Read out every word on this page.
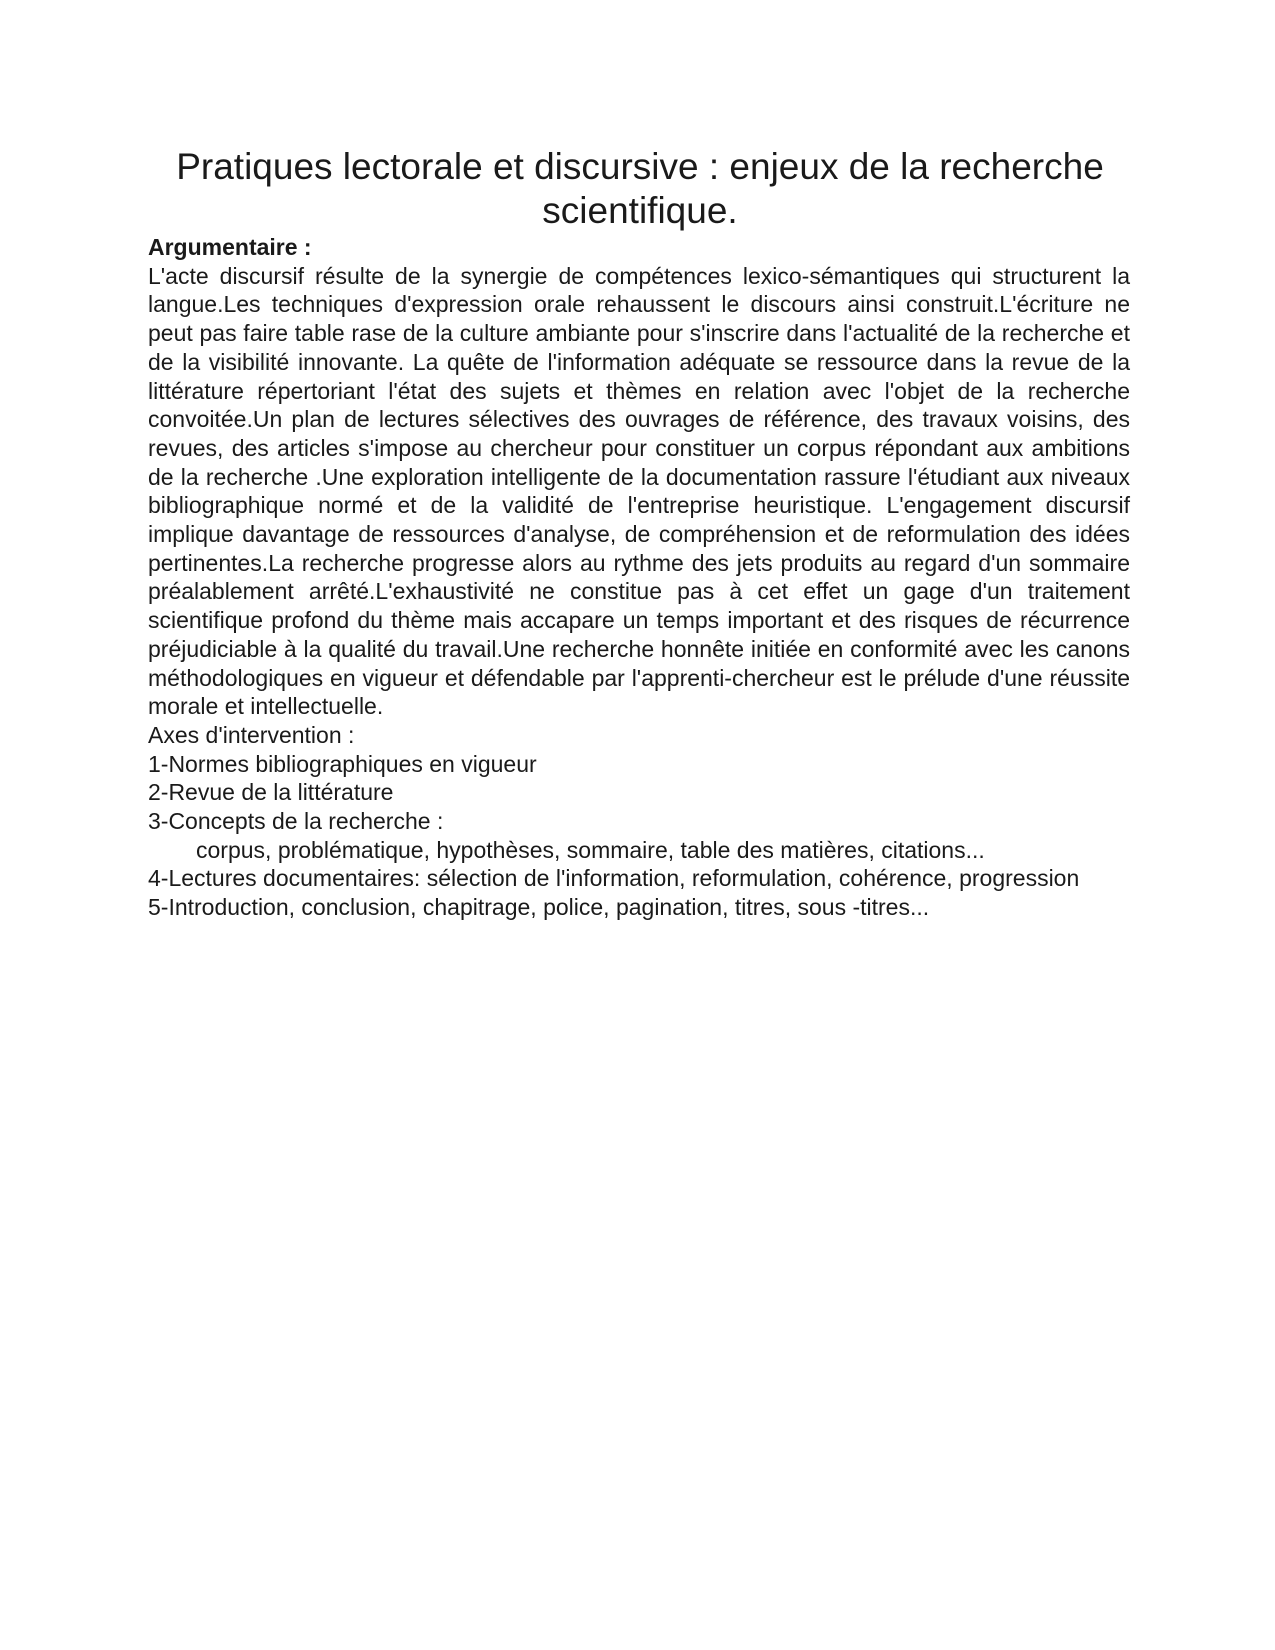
Pratiques lectorale et discursive : enjeux de la recherche scientifique.

Argumentaire :

L'acte discursif résulte de la synergie de compétences lexico-sémantiques qui structurent la langue.Les techniques d'expression orale rehaussent le discours ainsi construit.L'écriture ne peut pas faire table rase de la culture ambiante pour s'inscrire dans l'actualité de la recherche et de la visibilité innovante. La quête de l'information adéquate se ressource dans la revue de la littérature répertoriant l'état des sujets et thèmes en relation avec l'objet de la recherche convoitée.Un plan de lectures sélectives des ouvrages de référence, des travaux voisins, des revues, des articles s'impose au chercheur pour constituer un corpus répondant aux ambitions de la recherche .Une exploration intelligente de la documentation rassure l'étudiant aux niveaux bibliographique normé et de la validité de l'entreprise heuristique. L'engagement discursif implique davantage de ressources d'analyse, de compréhension et de reformulation des idées pertinentes.La recherche progresse alors au rythme des jets produits au regard d'un sommaire préalablement arrêté.L'exhaustivité ne constitue pas à cet effet un gage d'un traitement scientifique profond du thème mais accapare un temps important et des risques de récurrence préjudiciable à la qualité du travail.Une recherche honnête initiée en conformité avec les canons méthodologiques en vigueur et défendable par l'apprenti-chercheur est le prélude d'une réussite morale et intellectuelle.

Axes d'intervention :

1-Normes bibliographiques en vigueur

2-Revue de la littérature

3-Concepts de la recherche :

corpus, problématique, hypothèses, sommaire, table des matières, citations...

4-Lectures documentaires: sélection de l'information, reformulation, cohérence, progression

5-Introduction, conclusion, chapitrage, police, pagination, titres, sous -titres...
